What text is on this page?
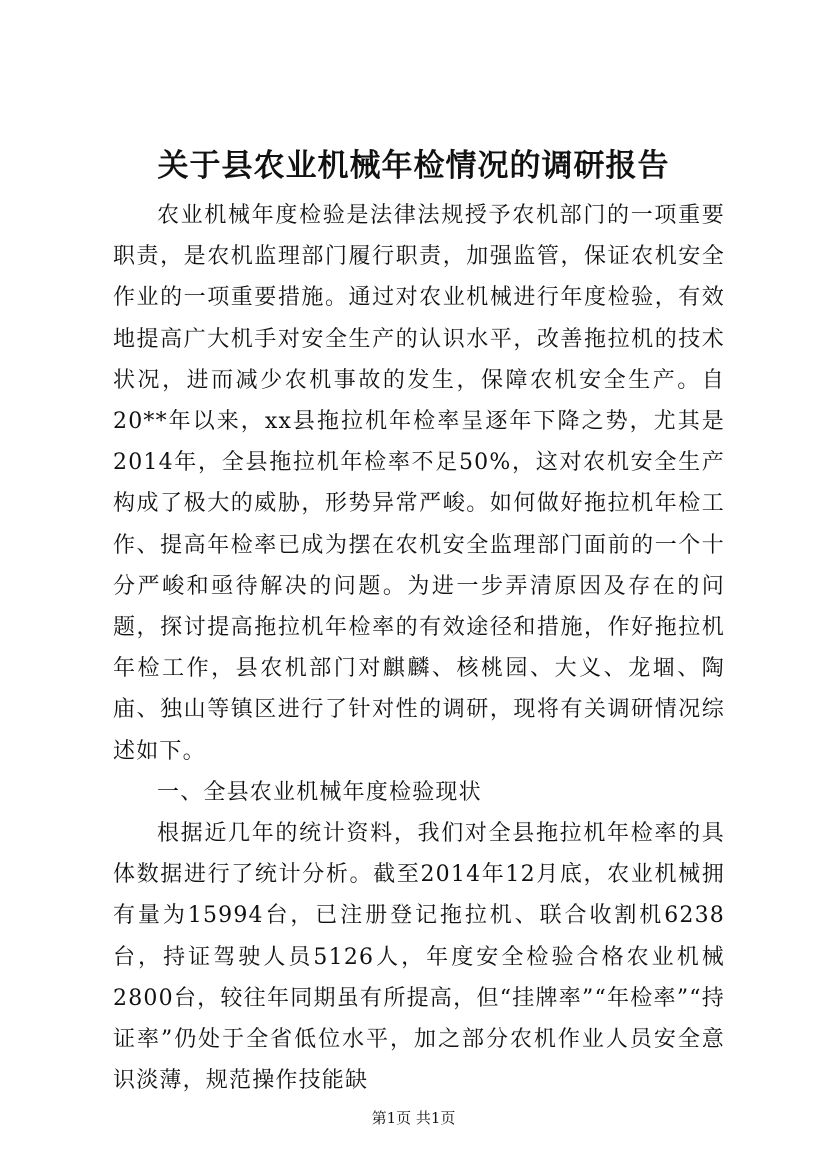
关于县农业机械年检情况的调研报告

农业机械年度检验是法律法规授予农机部门的一项重要职责，是农机监理部门履行职责，加强监管，保证农机安全作业的一项重要措施。通过对农业机械进行年度检验，有效地提高广大机手对安全生产的认识水平，改善拖拉机的技术状况，进而减少农机事故的发生，保障农机安全生产。自20**年以来，xx县拖拉机年检率呈逐年下降之势，尤其是2014年，全县拖拉机年检率不足50%，这对农机安全生产构成了极大的威胁，形势异常严峻。如何做好拖拉机年检工作、提高年检率已成为摆在农机安全监理部门面前的一个十分严峻和亟待解决的问题。为进一步弄清原因及存在的问题，探讨提高拖拉机年检率的有效途径和措施，作好拖拉机年检工作，县农机部门对麒麟、核桃园、大义、龙堌、陶庙、独山等镇区进行了针对性的调研，现将有关调研情况综述如下。

一、全县农业机械年度检验现状

根据近几年的统计资料，我们对全县拖拉机年检率的具体数据进行了统计分析。截至2014年12月底，农业机械拥有量为15994台，已注册登记拖拉机、联合收割机6238台，持证驾驶人员5126人，年度安全检验合格农业机械2800台，较往年同期虽有所提高，但“挂牌率”“年检率”“持证率”仍处于全省低位水平，加之部分农机作业人员安全意识淡薄，规范操作技能缺

第1页 共1页
